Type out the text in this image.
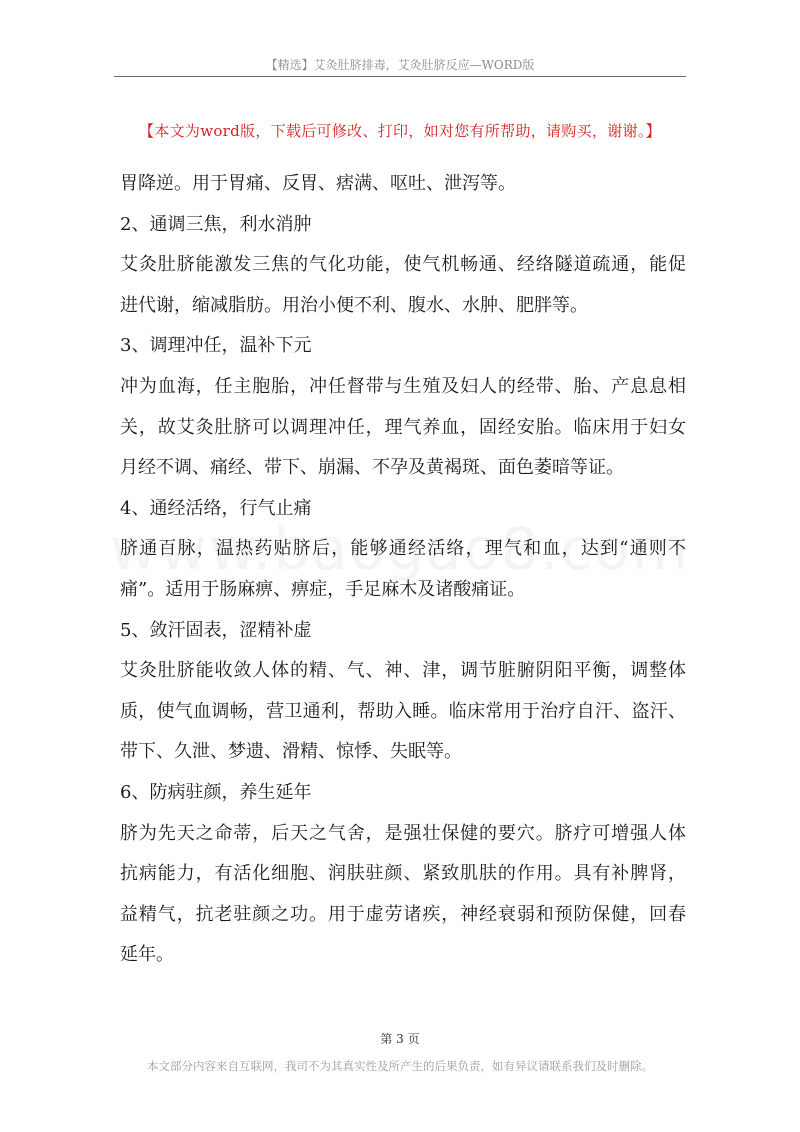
【精选】艾灸肚脐排毒，艾灸肚脐反应—WORD版
【本文为word版，下载后可修改、打印，如对您有所帮助，请购买，谢谢。】
胃降逆。用于胃痛、反胃、痞满、呕吐、泄泻等。
2、通调三焦，利水消肿
艾灸肚脐能激发三焦的气化功能，使气机畅通、经络隧道疏通，能促
进代谢，缩减脂肪。用治小便不利、腹水、水肿、肥胖等。
3、调理冲任，温补下元
冲为血海，任主胞胎，冲任督带与生殖及妇人的经带、胎、产息息相
关，故艾灸肚脐可以调理冲任，理气养血，固经安胎。临床用于妇女
月经不调、痛经、带下、崩漏、不孕及黄褐斑、面色萎暗等证。
4、通经活络，行气止痛
脐通百脉，温热药贴脐后，能够通经活络，理气和血，达到“通则不
痛”。适用于肠麻痹、痹症，手足麻木及诸酸痛证。
5、敛汗固表，涩精补虚
艾灸肚脐能收敛人体的精、气、神、津，调节脏腑阴阳平衡，调整体
质，使气血调畅，营卫通利，帮助入睡。临床常用于治疗自汗、盗汗、
带下、久泄、梦遗、滑精、惊悸、失眠等。
6、防病驻颜，养生延年
脐为先天之命蒂，后天之气舍，是强壮保健的要穴。脐疗可增强人体
抗病能力，有活化细胞、润肤驻颜、紧致肌肤的作用。具有补脾肾，
益精气，抗老驻颜之功。用于虚劳诸疾，神经衰弱和预防保健，回春
延年。
第 3 页
本文部分内容来自互联网，我司不为其真实性及所产生的后果负责，如有异议请联系我们及时删除。
